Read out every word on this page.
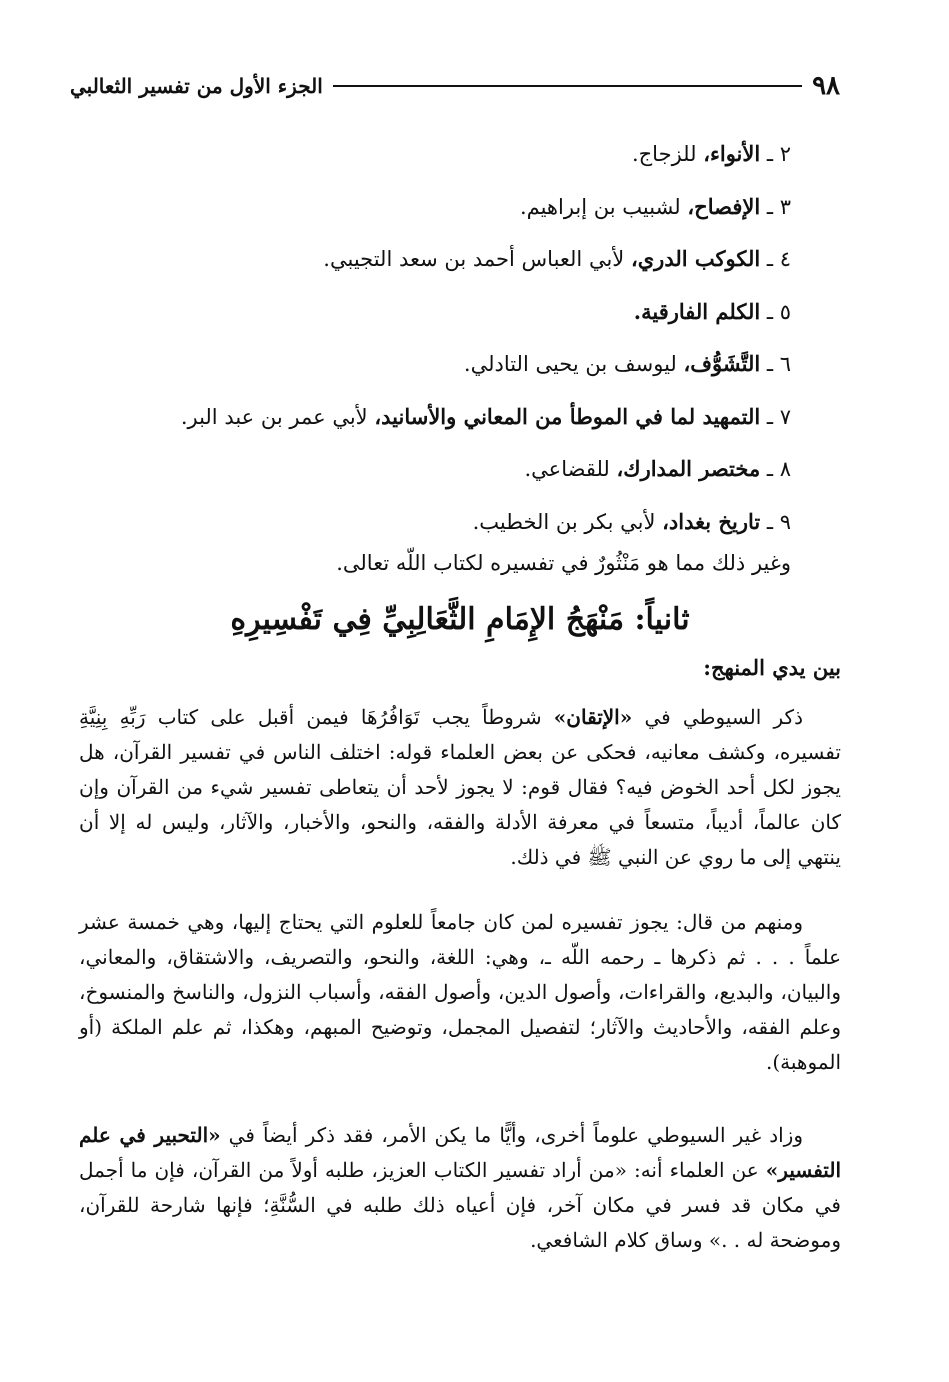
٩٨
الجزء الأول من تفسير الثعالبي
٢ ـ الأنواء، للزجاج.
٣ ـ الإفصاح، لشبيب بن إبراهيم.
٤ ـ الكوكب الدري، لأبي العباس أحمد بن سعد التجيبي.
٥ ـ الكلم الفارقية.
٦ ـ التَّشَوُّف، ليوسف بن يحيى التادلي.
٧ ـ التمهيد لما في الموطأ من المعاني والأسانيد، لأبي عمر بن عبد البر.
٨ ـ مختصر المدارك، للقضاعي.
٩ ـ تاريخ بغداد، لأبي بكر بن الخطيب.
وغير ذلك مما هو مَنْثُورٌ في تفسيره لكتاب اللّه تعالى.
ثانياً: مَنْهَجُ الإِمَامِ الثَّعَالِبِيِّ فِي تَفْسِيرِهِ
بين يدي المنهج:
ذكر السيوطي في «الإتقان» شروطاً يجب تَوَافُرُهَا فيمن أقبل على كتاب رَبِّهِ بِنِيَّةِ تفسيره، وكشف معانيه، فحكى عن بعض العلماء قوله: اختلف الناس في تفسير القرآن، هل يجوز لكل أحد الخوض فيه؟ فقال قوم: لا يجوز لأحد أن يتعاطى تفسير شيء من القرآن وإن كان عالماً، أديباً، متسعاً في معرفة الأدلة والفقه، والنحو، والأخبار، والآثار، وليس له إلا أن ينتهي إلى ما روي عن النبي ﷺ في ذلك.
ومنهم من قال: يجوز تفسيره لمن كان جامعاً للعلوم التي يحتاج إليها، وهي خمسة عشر علماً . . . ثم ذكرها ـ رحمه اللّه ـ، وهي: اللغة، والنحو، والتصريف، والاشتقاق، والمعاني، والبيان، والبديع، والقراءات، وأصول الدين، وأصول الفقه، وأسباب النزول، والناسخ والمنسوخ، وعلم الفقه، والأحاديث والآثار؛ لتفصيل المجمل، وتوضيح المبهم، وهكذا، ثم علم الملكة (أو الموهبة).
وزاد غير السيوطي علوماً أخرى، وأيًّا ما يكن الأمر، فقد ذكر أيضاً في «التحبير في علم التفسير» عن العلماء أنه: «من أراد تفسير الكتاب العزيز، طلبه أولاً من القرآن، فإن ما أجمل في مكان قد فسر في مكان آخر، فإن أعياه ذلك طلبه في السُّنَّةِ؛ فإنها شارحة للقرآن، وموضحة له . .» وساق كلام الشافعي.
